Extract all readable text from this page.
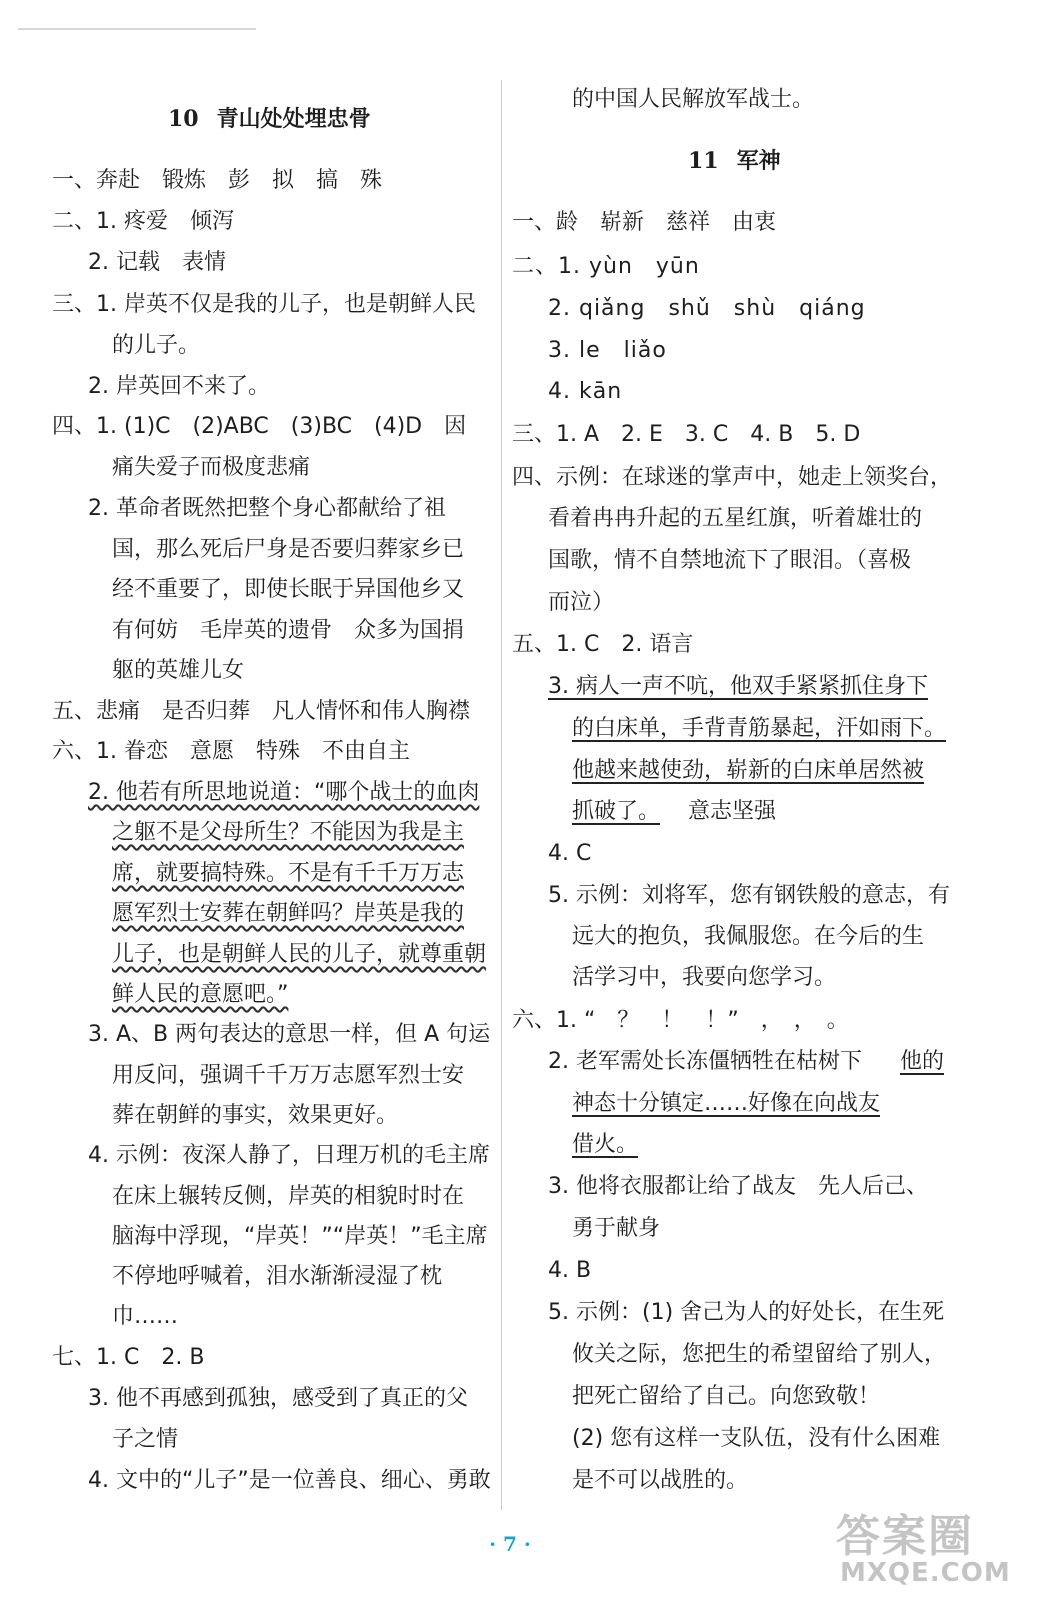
10 青山处处埋忠骨
一、奔赴　锻炼　彭　拟　搞　殊
二、1. 疼爱　倾泻
2. 记载　表情
三、1. 岸英不仅是我的儿子，也是朝鲜人民
的儿子。
2. 岸英回不来了。
四、1. (1)C　(2)ABC　(3)BC　(4)D　因
痛失爱子而极度悲痛
2. 革命者既然把整个身心都献给了祖
国，那么死后尸身是否要归葬家乡已
经不重要了，即使长眠于异国他乡又
有何妨　毛岸英的遗骨　众多为国捐
躯的英雄儿女
五、悲痛　是否归葬　凡人情怀和伟人胸襟
六、1. 眷恋　意愿　特殊　不由自主
2. 他若有所思地说道：“哪个战士的血肉
之躯不是父母所生？不能因为我是主
席，就要搞特殊。不是有千千万万志
愿军烈士安葬在朝鲜吗？岸英是我的
儿子，也是朝鲜人民的儿子，就尊重朝
鲜人民的意愿吧。”
3. A、B 两句表达的意思一样，但 A 句运
用反问，强调千千万万志愿军烈士安
葬在朝鲜的事实，效果更好。
4. 示例：夜深人静了，日理万机的毛主席
在床上辗转反侧，岸英的相貌时时在
脑海中浮现，“岸英！”“岸英！”毛主席
不停地呼喊着，泪水渐渐浸湿了枕
巾……
七、1. C　2. B
3. 他不再感到孤独，感受到了真正的父
子之情
4. 文中的“儿子”是一位善良、细心、勇敢
的中国人民解放军战士。
11 军神
一、龄　崭新　慈祥　由衷
二、1. yùn　yūn
2. qiǎng　shǔ　shù　qiáng
3. le　liǎo
4. kān
三、1. A　2. E　3. C　4. B　5. D
四、示例：在球迷的掌声中，她走上领奖台，
看着冉冉升起的五星红旗，听着雄壮的
国歌，情不自禁地流下了眼泪。（喜极
而泣）
五、1. C　2. 语言
3. 病人一声不吭，他双手紧紧抓住身下
的白床单，手背青筋暴起，汗如雨下。
他越来越使劲，崭新的白床单居然被
抓破了。 意志坚强
4. C
5. 示例：刘将军，您有钢铁般的意志，有
远大的抱负，我佩服您。在今后的生
活学习中，我要向您学习。
六、1. “　？　！　！”　，　，　。
2. 老军需处长冻僵牺牲在枯树下 他的
神态十分镇定……好像在向战友
借火。
3. 他将衣服都让给了战友　先人后己、
勇于献身
4. B
5. 示例：(1) 舍己为人的好处长，在生死
攸关之际，您把生的希望留给了别人，
把死亡留给了自己。向您致敬！
(2) 您有这样一支队伍，没有什么困难
是不可以战胜的。
· 7 ·	答案圈
MXQE.COM
